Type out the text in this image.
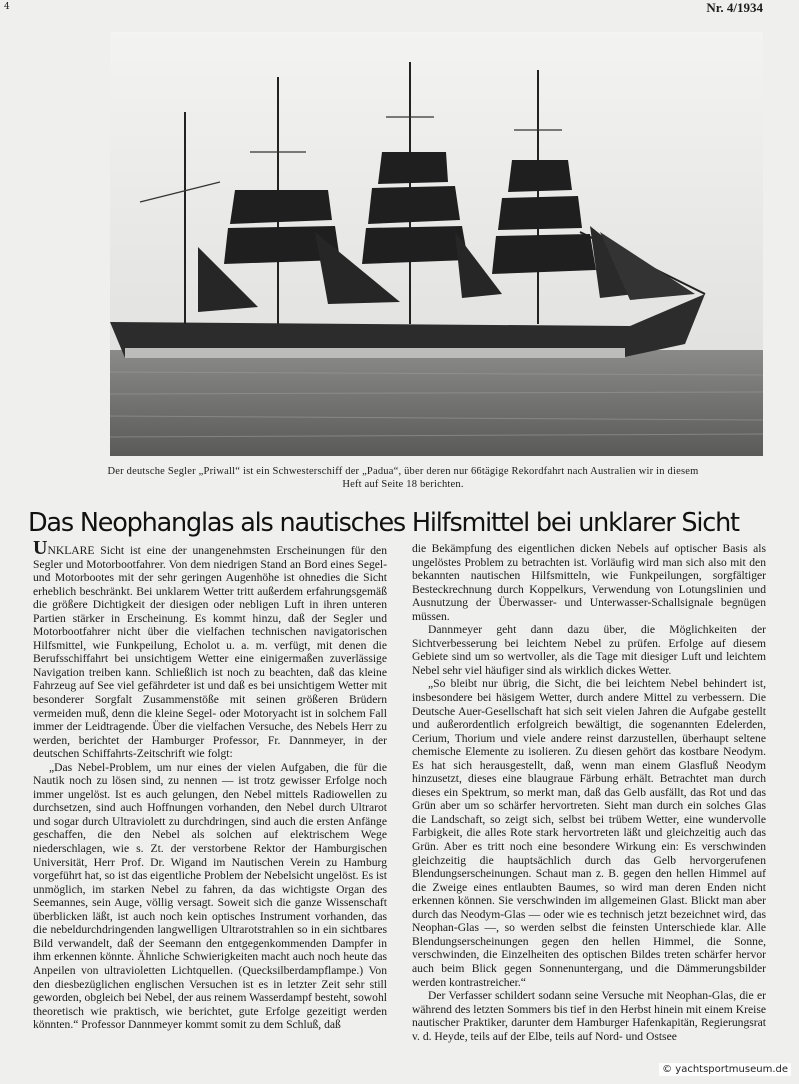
4	Nr. 4/1934
Der deutsche Segler „Priwall“ ist ein Schwesterschiff der „Padua“, über deren nur 66tägige Rekordfahrt nach Australien wir in diesem
Heft auf Seite 18 berichten.
Das Neophanglas als nautisches Hilfsmittel bei unklarer Sicht

UNKLARE Sicht ist eine der unangenehmsten Erscheinungen für den Segler und Motorbootfahrer. Von dem niedrigen Stand an Bord eines Segel- und Motorbootes mit der sehr geringen Augenhöhe ist ohnedies die Sicht erheblich beschränkt. Bei unklarem Wetter tritt außerdem erfahrungsgemäß die größere Dichtigkeit der diesigen oder nebligen Luft in ihren unteren Partien stärker in Erscheinung. Es kommt hinzu, daß der Segler und Motorbootfahrer nicht über die vielfachen technischen navigatorischen Hilfsmittel, wie Funkpeilung, Echolot u. a. m. verfügt, mit denen die Berufsschiffahrt bei unsichtigem Wetter eine einigermaßen zuverlässige Navigation treiben kann. Schließlich ist noch zu beachten, daß das kleine Fahrzeug auf See viel gefährdeter ist und daß es bei unsichtigem Wetter mit besonderer Sorgfalt Zusammenstöße mit seinen größeren Brüdern vermeiden muß, denn die kleine Segel- oder Motoryacht ist in solchem Fall immer der Leidtragende. Über die vielfachen Versuche, des Nebels Herr zu werden, berichtet der Hamburger Professor, Fr. Dannmeyer, in der deutschen Schiffahrts-Zeitschrift wie folgt:

„Das Nebel-Problem, um nur eines der vielen Aufgaben, die für die Nautik noch zu lösen sind, zu nennen — ist trotz gewisser Erfolge noch immer ungelöst. Ist es auch gelungen, den Nebel mittels Radiowellen zu durchsetzen, sind auch Hoffnungen vorhanden, den Nebel durch Ultrarot und sogar durch Ultraviolett zu durchdringen, sind auch die ersten Anfänge geschaffen, die den Nebel als solchen auf elektrischem Wege niederschlagen, wie s. Zt. der verstorbene Rektor der Hamburgischen Universität, Herr Prof. Dr. Wigand im Nautischen Verein zu Hamburg vorgeführt hat, so ist das eigentliche Problem der Nebelsicht ungelöst. Es ist unmöglich, im starken Nebel zu fahren, da das wichtigste Organ des Seemannes, sein Auge, völlig versagt. Soweit sich die ganze Wissenschaft überblicken läßt, ist auch noch kein optisches Instrument vorhanden, das die nebeldurchdringenden langwelligen Ultrarotstrahlen so in ein sichtbares Bild verwandelt, daß der Seemann den entgegenkommenden Dampfer in ihm erkennen könnte. Ähnliche Schwierigkeiten macht auch noch heute das Anpeilen von ultravioletten Lichtquellen. (Quecksilberdampflampe.) Von den diesbezüglichen englischen Versuchen ist es in letzter Zeit sehr still geworden, obgleich bei Nebel, der aus reinem Wasserdampf besteht, sowohl theoretisch wie praktisch, wie berichtet, gute Erfolge gezeitigt werden könnten.“ Professor Dannmeyer kommt somit zu dem Schluß, daß

die Bekämpfung des eigentlichen dicken Nebels auf optischer Basis als ungelöstes Problem zu betrachten ist. Vorläufig wird man sich also mit den bekannten nautischen Hilfsmitteln, wie Funkpeilungen, sorgfältiger Besteckrechnung durch Koppelkurs, Verwendung von Lotungslinien und Ausnutzung der Überwasser- und Unterwasser-Schallsignale begnügen müssen.

Dannmeyer geht dann dazu über, die Möglichkeiten der Sichtverbesserung bei leichtem Nebel zu prüfen. Erfolge auf diesem Gebiete sind um so wertvoller, als die Tage mit diesiger Luft und leichtem Nebel sehr viel häufiger sind als wirklich dickes Wetter.

„So bleibt nur übrig, die Sicht, die bei leichtem Nebel behindert ist, insbesondere bei häsigem Wetter, durch andere Mittel zu verbessern. Die Deutsche Auer-Gesellschaft hat sich seit vielen Jahren die Aufgabe gestellt und außerordentlich erfolgreich bewältigt, die sogenannten Edelerden, Cerium, Thorium und viele andere reinst darzustellen, überhaupt seltene chemische Elemente zu isolieren. Zu diesen gehört das kostbare Neodym. Es hat sich herausgestellt, daß, wenn man einem Glasfluß Neodym hinzusetzt, dieses eine blaugraue Färbung erhält. Betrachtet man durch dieses ein Spektrum, so merkt man, daß das Gelb ausfällt, das Rot und das Grün aber um so schärfer hervortreten. Sieht man durch ein solches Glas die Landschaft, so zeigt sich, selbst bei trübem Wetter, eine wundervolle Farbigkeit, die alles Rote stark hervortreten läßt und gleichzeitig auch das Grün. Aber es tritt noch eine besondere Wirkung ein: Es verschwinden gleichzeitig die hauptsächlich durch das Gelb hervorgerufenen Blendungserscheinungen. Schaut man z. B. gegen den hellen Himmel auf die Zweige eines entlaubten Baumes, so wird man deren Enden nicht erkennen können. Sie verschwinden im allgemeinen Glast. Blickt man aber durch das Neodym-Glas — oder wie es technisch jetzt bezeichnet wird, das Neophan-Glas —, so werden selbst die feinsten Unterschiede klar. Alle Blendungserscheinungen gegen den hellen Himmel, die Sonne, verschwinden, die Einzelheiten des optischen Bildes treten schärfer hervor auch beim Blick gegen Sonnenuntergang, und die Dämmerungsbilder werden kontrastreicher.“

Der Verfasser schildert sodann seine Versuche mit Neophan-Glas, die er während des letzten Sommers bis tief in den Herbst hinein mit einem Kreise nautischer Praktiker, darunter dem Hamburger Hafenkapitän, Regierungsrat v. d. Heyde, teils auf der Elbe, teils auf Nord- und Ostsee

© yachtsportmuseum.de
